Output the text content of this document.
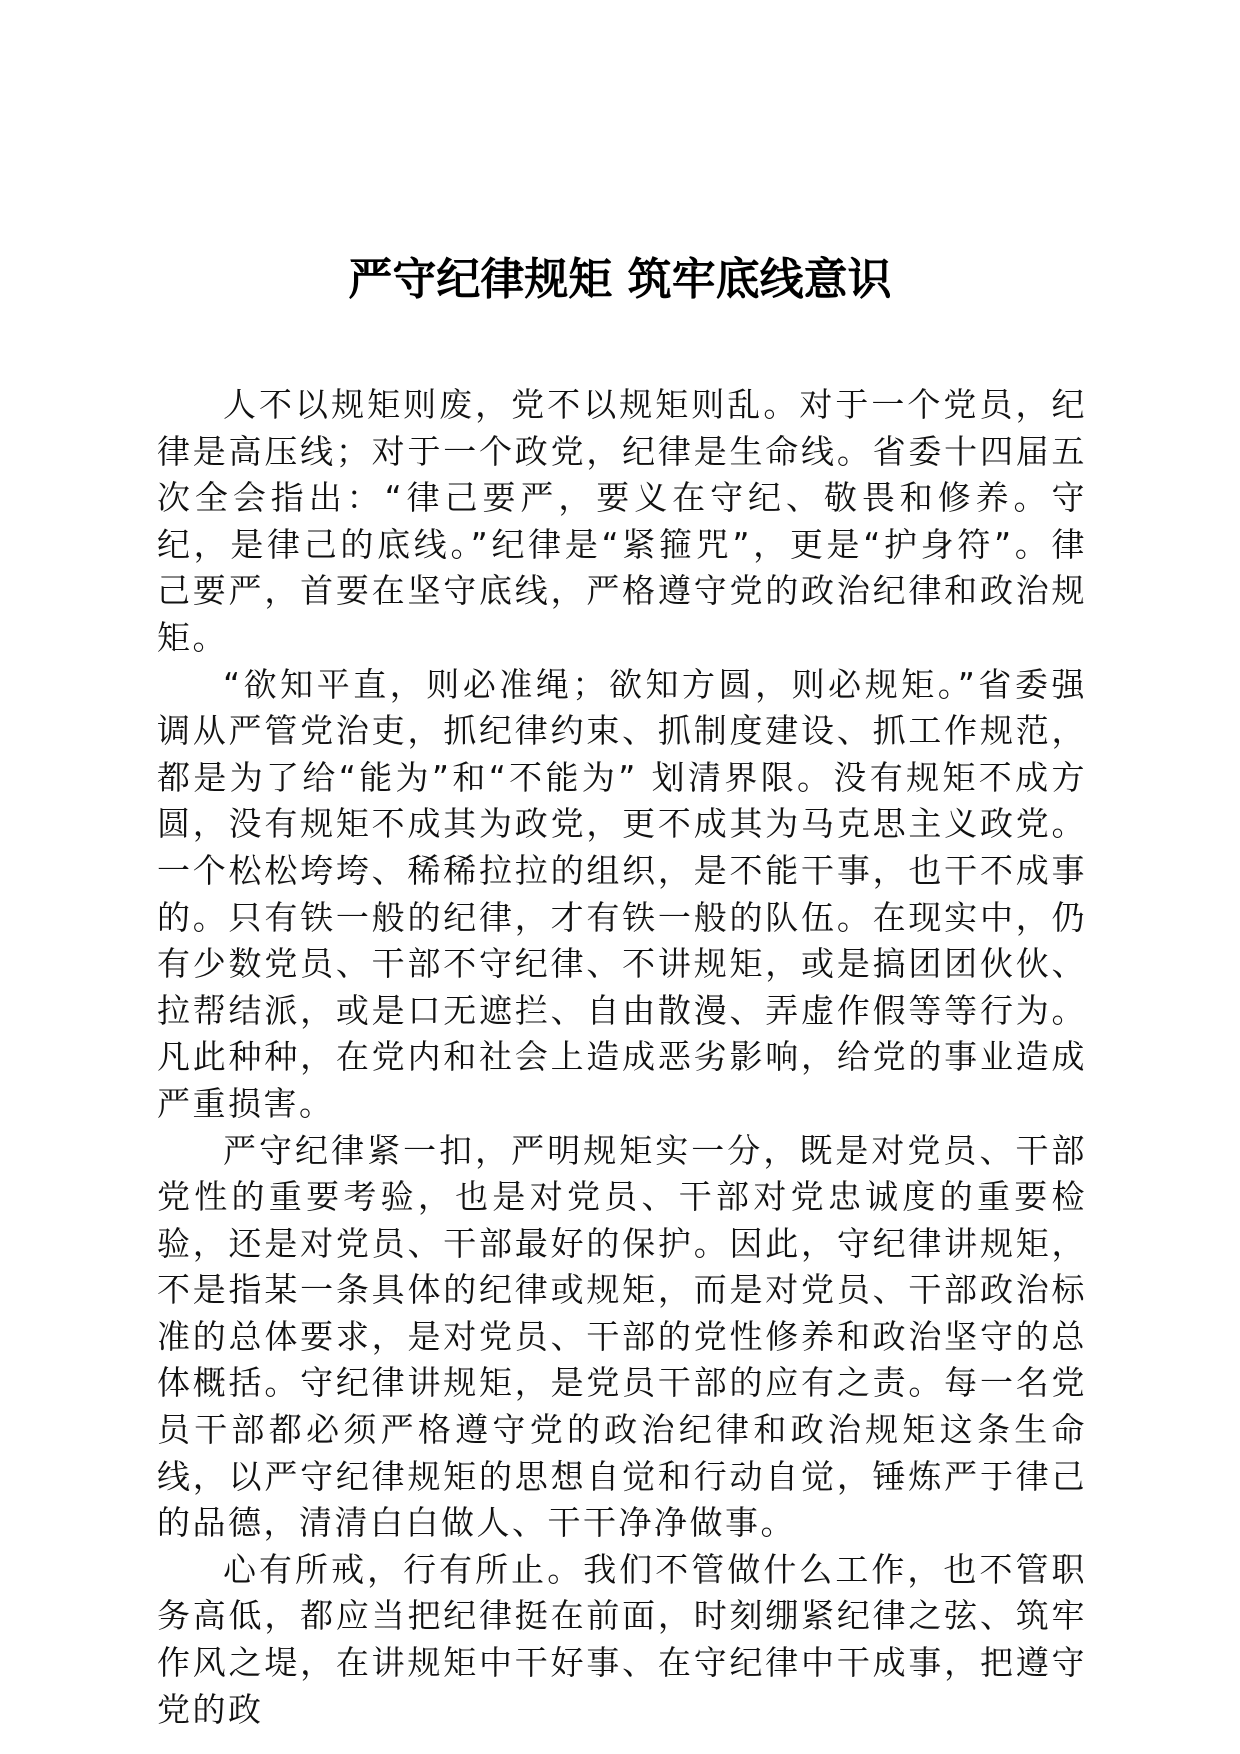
严守纪律规矩 筑牢底线意识

人不以规矩则废，党不以规矩则乱。对于一个党员，纪律是高压线；对于一个政党，纪律是生命线。省委十四届五次全会指出：“律己要严，要义在守纪、敬畏和修养。守纪，是律己的底线。”纪律是“紧箍咒”，更是“护身符”。律己要严，首要在坚守底线，严格遵守党的政治纪律和政治规矩。

“欲知平直，则必准绳；欲知方圆，则必规矩。”省委强调从严管党治吏，抓纪律约束、抓制度建设、抓工作规范，都是为了给“能为”和“不能为” 划清界限。没有规矩不成方圆，没有规矩不成其为政党，更不成其为马克思主义政党。一个松松垮垮、稀稀拉拉的组织，是不能干事，也干不成事的。只有铁一般的纪律，才有铁一般的队伍。在现实中，仍有少数党员、干部不守纪律、不讲规矩，或是搞团团伙伙、拉帮结派，或是口无遮拦、自由散漫、弄虚作假等等行为。凡此种种，在党内和社会上造成恶劣影响，给党的事业造成严重损害。

严守纪律紧一扣，严明规矩实一分，既是对党员、干部党性的重要考验，也是对党员、干部对党忠诚度的重要检验，还是对党员、干部最好的保护。因此，守纪律讲规矩，不是指某一条具体的纪律或规矩，而是对党员、干部政治标准的总体要求，是对党员、干部的党性修养和政治坚守的总体概括。守纪律讲规矩，是党员干部的应有之责。每一名党员干部都必须严格遵守党的政治纪律和政治规矩这条生命线，以严守纪律规矩的思想自觉和行动自觉，锤炼严于律己的品德，清清白白做人、干干净净做事。

心有所戒，行有所止。我们不管做什么工作，也不管职务高低，都应当把纪律挺在前面，时刻绷紧纪律之弦、筑牢作风之堤，在讲规矩中干好事、在守纪律中干成事，把遵守党的政
